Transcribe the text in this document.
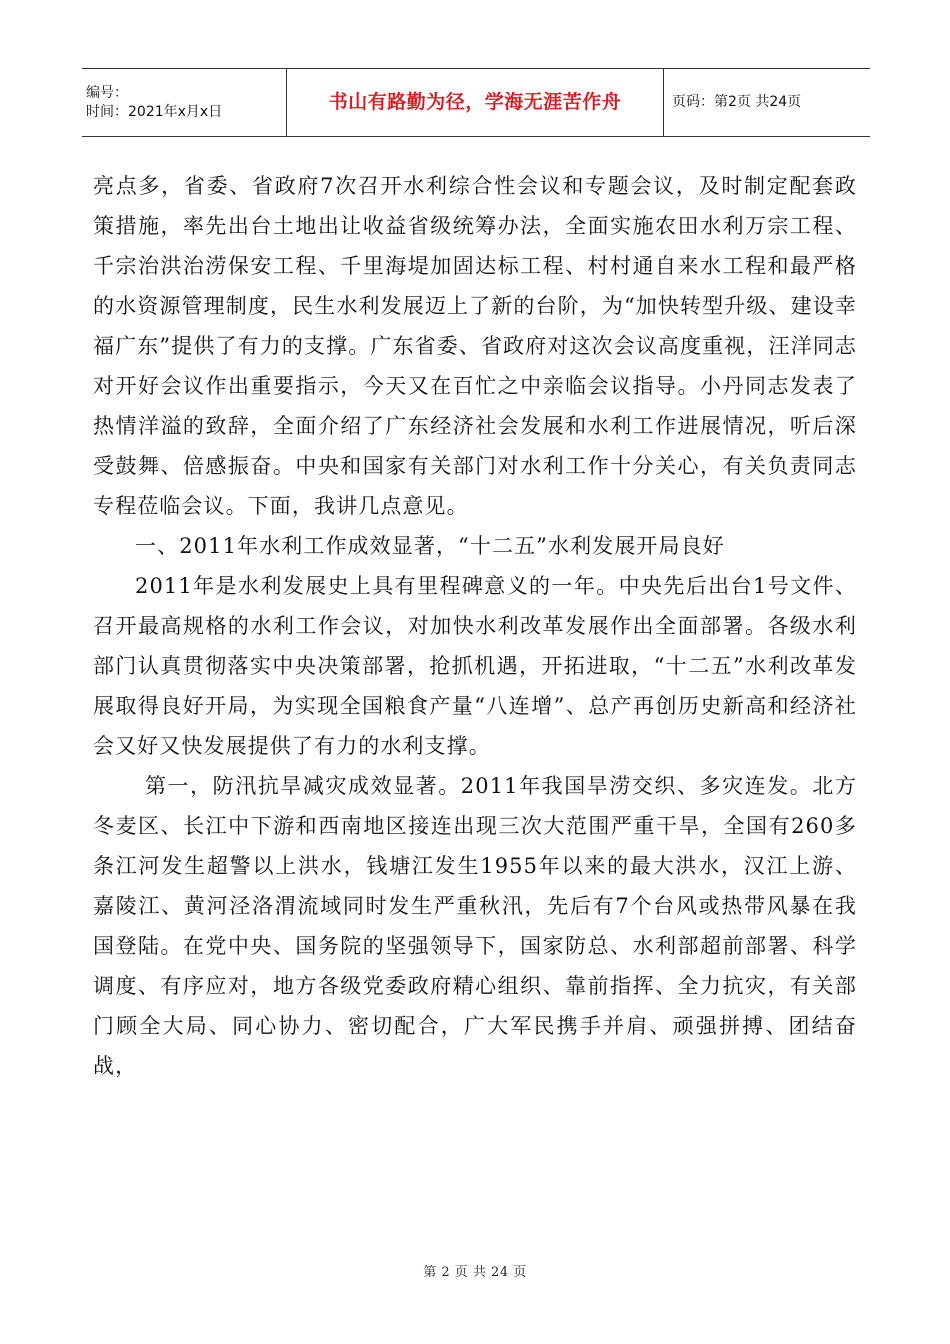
编号：
时间：2021年x月x日	书山有路勤为径，学海无涯苦作舟	页码：第2页 共24页

亮点多，省委、省政府7次召开水利综合性会议和专题会议，及时制定配套政策措施，率先出台土地出让收益省级统筹办法，全面实施农田水利万宗工程、千宗治洪治涝保安工程、千里海堤加固达标工程、村村通自来水工程和最严格的水资源管理制度，民生水利发展迈上了新的台阶，为“加快转型升级、建设幸福广东”提供了有力的支撑。广东省委、省政府对这次会议高度重视，汪洋同志对开好会议作出重要指示，今天又在百忙之中亲临会议指导。小丹同志发表了热情洋溢的致辞，全面介绍了广东经济社会发展和水利工作进展情况，听后深受鼓舞、倍感振奋。中央和国家有关部门对水利工作十分关心，有关负责同志专程莅临会议。下面，我讲几点意见。

一、2011年水利工作成效显著，“十二五”水利发展开局良好

2011年是水利发展史上具有里程碑意义的一年。中央先后出台1号文件、召开最高规格的水利工作会议，对加快水利改革发展作出全面部署。各级水利部门认真贯彻落实中央决策部署，抢抓机遇，开拓进取，“十二五”水利改革发展取得良好开局，为实现全国粮食产量“八连增”、总产再创历史新高和经济社会又好又快发展提供了有力的水利支撑。

第一，防汛抗旱减灾成效显著。2011年我国旱涝交织、多灾连发。北方冬麦区、长江中下游和西南地区接连出现三次大范围严重干旱，全国有260多条江河发生超警以上洪水，钱塘江发生1955年以来的最大洪水，汉江上游、嘉陵江、黄河泾洛渭流域同时发生严重秋汛，先后有7个台风或热带风暴在我国登陆。在党中央、国务院的坚强领导下，国家防总、水利部超前部署、科学调度、有序应对，地方各级党委政府精心组织、靠前指挥、全力抗灾，有关部门顾全大局、同心协力、密切配合，广大军民携手并肩、顽强拼搏、团结奋战，

第 2 页 共 24 页
